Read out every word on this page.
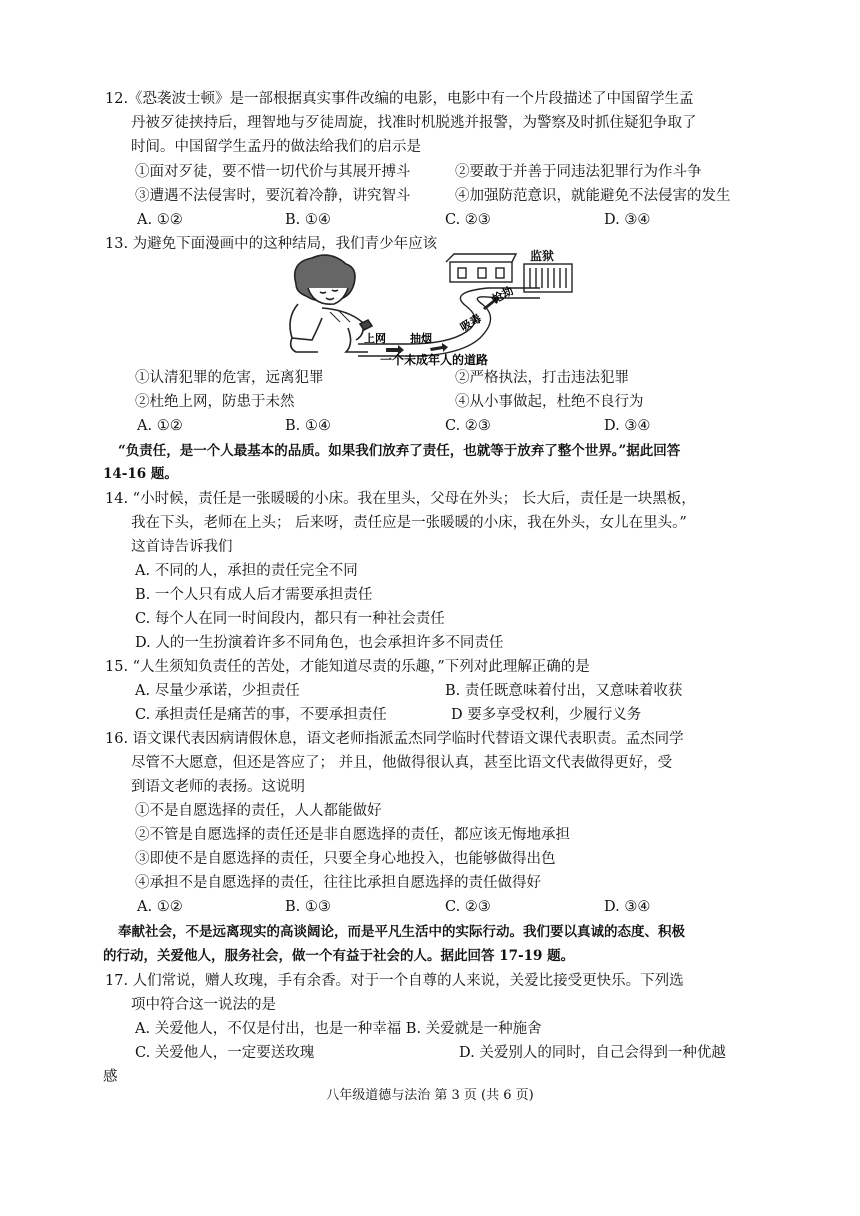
12.《恐袭波士顿》是一部根据真实事件改编的电影，电影中有一个片段描述了中国留学生孟
丹被歹徒挟持后，理智地与歹徒周旋，找准时机脱逃并报警，为警察及时抓住疑犯争取了
时间。中国留学生孟丹的做法给我们的启示是
①面对歹徒，要不惜一切代价与其展开搏斗	②要敢于并善于同违法犯罪行为作斗争
③遭遇不法侵害时，要沉着冷静，讲究智斗	④加强防范意识，就能避免不法侵害的发生
A. ①②	B. ①④	C. ②③	D. ③④
13. 为避免下面漫画中的这种结局，我们青少年应该
监狱
上网 抽烟
吸毒
抢劫
一个未成年人的道路
①认清犯罪的危害，远离犯罪	②严格执法，打击违法犯罪
②杜绝上网，防患于未然	④从小事做起，杜绝不良行为
A. ①②	B. ①④	C. ②③	D. ③④
“负责任，是一个人最基本的品质。如果我们放弃了责任，也就等于放弃了整个世界。”据此回答
14-16 题。
14. “小时候，责任是一张暖暖的小床。我在里头，父母在外头； 长大后，责任是一块黑板，
我在下头，老师在上头； 后来呀，责任应是一张暖暖的小床，我在外头，女儿在里头。”
这首诗告诉我们
A. 不同的人，承担的责任完全不同
B. 一个人只有成人后才需要承担责任
C. 每个人在同一时间段内，都只有一种社会责任
D. 人的一生扮演着许多不同角色，也会承担许多不同责任
15. “人生须知负责任的苦处，才能知道尽责的乐趣，”下列对此理解正确的是
A. 尽量少承诺，少担责任	B. 责任既意味着付出，又意味着收获
C. 承担责任是痛苦的事，不要承担责任	D 要多享受权利，少履行义务
16. 语文课代表因病请假休息，语文老师指派孟杰同学临时代替语文课代表职责。孟杰同学
尽管不大愿意，但还是答应了； 并且，他做得很认真，甚至比语文代表做得更好，受
到语文老师的表扬。这说明
①不是自愿选择的责任，人人都能做好
②不管是自愿选择的责任还是非自愿选择的责任，都应该无悔地承担
③即使不是自愿选择的责任，只要全身心地投入，也能够做得出色
④承担不是自愿选择的责任，往往比承担自愿选择的责任做得好
A. ①②	B. ①③	C. ②③	D. ③④
奉献社会，不是远离现实的高谈阔论，而是平凡生活中的实际行动。我们要以真诚的态度、积极
的行动，关爱他人，服务社会，做一个有益于社会的人。据此回答 17-19 题。
17. 人们常说，赠人玫瑰，手有余香。对于一个自尊的人来说，关爱比接受更快乐。下列选
项中符合这一说法的是
A. 关爱他人，不仅是付出，也是一种幸福 B. 关爱就是一种施舍
C. 关爱他人，一定要送玫瑰	D. 关爱别人的同时，自己会得到一种优越
感
八年级道德与法治 第 3 页 (共 6 页)
